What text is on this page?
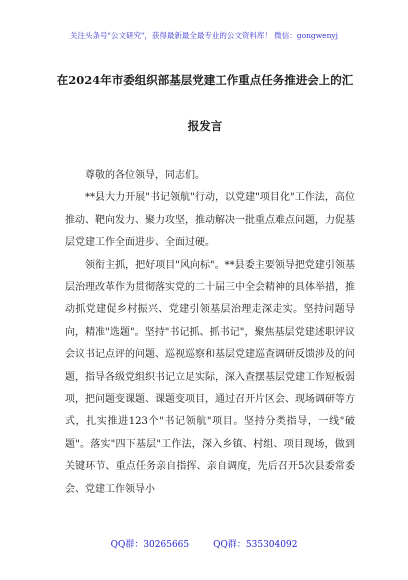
关注头条号"公文研究"，获得最新最全最专业的公文资料库！ 微信：gongwenyj
在2024年市委组织部基层党建工作重点任务推进会上的汇
报发言

尊敬的各位领导，同志们。

**县大力开展"书记领航"行动，以党建"项目化"工作法，高位推动、靶向发力、聚力攻坚，推动解决一批重点难点问题，力促基层党建工作全面进步、全面过硬。

领衔主抓，把好项目"风向标"。**县委主要领导把党建引领基层治理改革作为贯彻落实党的二十届三中全会精神的具体举措，推动抓党建促乡村振兴、党建引领基层治理走深走实。坚持问题导向，精准"选题"。坚持"书记抓、抓书记"，聚焦基层党建述职评议会议书记点评的问题、巡视巡察和基层党建巡查调研反馈涉及的问题，指导各级党组织书记立足实际，深入查摆基层党建工作短板弱项，把问题变课题、课题变项目，通过召开片区会、现场调研等方式，扎实推进123个"书记领航"项目。坚持分类指导，一线"破题"。落实"四下基层"工作法，深入乡镇、村组、项目现场，做到关键环节、重点任务亲自指挥、亲自调度，先后召开5次县委常委会、党建工作领导小

QQ群：30265665	QQ群：535304092
